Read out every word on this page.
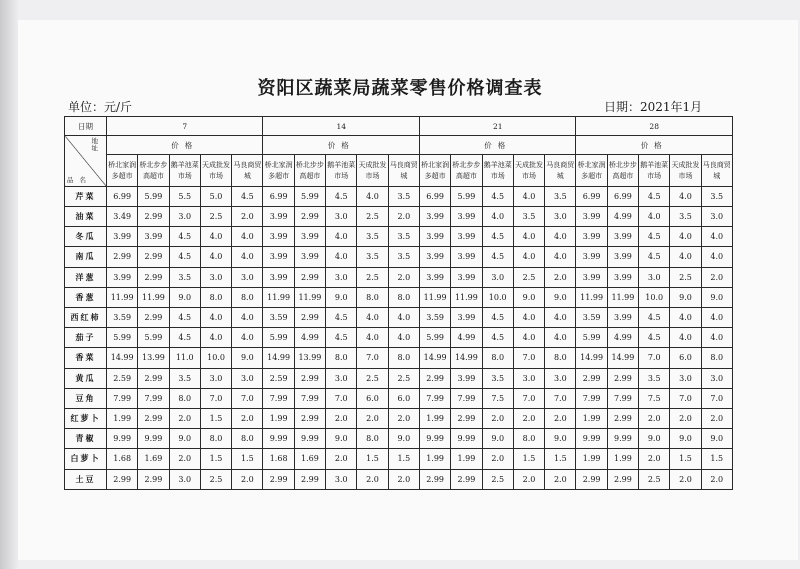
资阳区蔬菜局蔬菜零售价格调查表
单位：元/斤	日期：2021年1月
日期	7					14					21					28				

地址
品名	价格					价格					价格					价格				
	桥北家润多超市	桥北步步高超市	鹅羊池菜市场	天成批发市场	马良商贸城	桥北家润多超市	桥北步步高超市	鹅羊池菜市场	天成批发市场	马良商贸城	桥北家润多超市	桥北步步高超市	鹅羊池菜市场	天成批发市场	马良商贸城	桥北家润多超市	桥北步步高超市	鹅羊池菜市场	天成批发市场	马良商贸城
芹菜	6.99	5.99	5.5	5.0	4.5	6.99	5.99	4.5	4.0	3.5	6.99	5.99	4.5	4.0	3.5	6.99	6.99	4.5	4.0	3.5
油菜	3.49	2.99	3.0	2.5	2.0	3.99	2.99	3.0	2.5	2.0	3.99	3.99	4.0	3.5	3.0	3.99	4.99	4.0	3.5	3.0
冬瓜	3.99	3.99	4.5	4.0	4.0	3.99	3.99	4.0	3.5	3.5	3.99	3.99	4.5	4.0	4.0	3.99	3.99	4.5	4.0	4.0
南瓜	2.99	2.99	4.5	4.0	4.0	3.99	3.99	4.0	3.5	3.5	3.99	3.99	4.5	4.0	4.0	3.99	3.99	4.5	4.0	4.0
洋葱	3.99	2.99	3.5	3.0	3.0	3.99	2.99	3.0	2.5	2.0	3.99	3.99	3.0	2.5	2.0	3.99	3.99	3.0	2.5	2.0
香葱	11.99	11.99	9.0	8.0	8.0	11.99	11.99	9.0	8.0	8.0	11.99	11.99	10.0	9.0	9.0	11.99	11.99	10.0	9.0	9.0
西红柿	3.59	2.99	4.5	4.0	4.0	3.59	2.99	4.5	4.0	4.0	3.59	3.99	4.5	4.0	4.0	3.59	3.99	4.5	4.0	4.0
茄子	5.99	5.99	4.5	4.0	4.0	5.99	4.99	4.5	4.0	4.0	5.99	4.99	4.5	4.0	4.0	5.99	4.99	4.5	4.0	4.0
香菜	14.99	13.99	11.0	10.0	9.0	14.99	13.99	8.0	7.0	8.0	14.99	14.99	8.0	7.0	8.0	14.99	14.99	7.0	6.0	8.0
黄瓜	2.59	2.99	3.5	3.0	3.0	2.59	2.99	3.0	2.5	2.5	2.99	3.99	3.5	3.0	3.0	2.99	2.99	3.5	3.0	3.0
豆角	7.99	7.99	8.0	7.0	7.0	7.99	7.99	7.0	6.0	6.0	7.99	7.99	7.5	7.0	7.0	7.99	7.99	7.5	7.0	7.0
红萝卜	1.99	2.99	2.0	1.5	2.0	1.99	2.99	2.0	2.0	2.0	1.99	2.99	2.0	2.0	2.0	1.99	2.99	2.0	2.0	2.0
青椒	9.99	9.99	9.0	8.0	8.0	9.99	9.99	9.0	8.0	9.0	9.99	9.99	9.0	8.0	9.0	9.99	9.99	9.0	9.0	9.0
白萝卜	1.68	1.69	2.0	1.5	1.5	1.68	1.69	2.0	1.5	1.5	1.99	1.99	2.0	1.5	1.5	1.99	1.99	2.0	1.5	1.5
土豆	2.99	2.99	3.0	2.5	2.0	2.99	2.99	3.0	2.0	2.0	2.99	2.99	2.5	2.0	2.0	2.99	2.99	2.5	2.0	2.0
